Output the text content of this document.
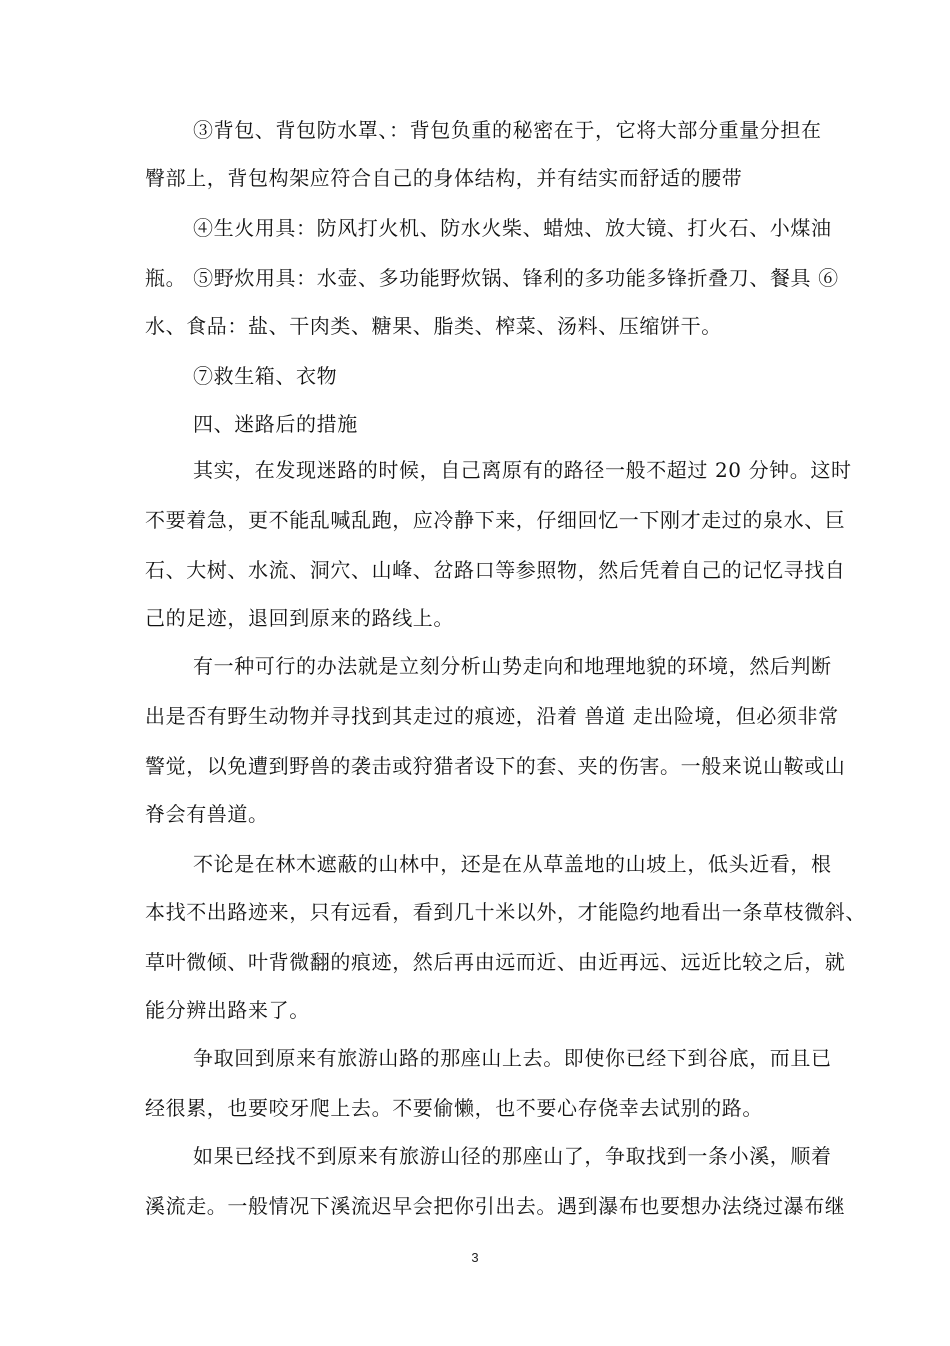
③背包、背包防水罩、：背包负重的秘密在于，它将大部分重量分担在
臀部上，背包构架应符合自己的身体结构，并有结实而舒适的腰带
④生火用具：防风打火机、防水火柴、蜡烛、放大镜、打火石、小煤油
瓶。 ⑤野炊用具：水壶、多功能野炊锅、锋利的多功能多锋折叠刀、餐具 ⑥
水、食品：盐、干肉类、糖果、脂类、榨菜、汤料、压缩饼干。
⑦救生箱、衣物
四、迷路后的措施
其实，在发现迷路的时候，自己离原有的路径一般不超过 20 分钟。这时
不要着急，更不能乱喊乱跑，应冷静下来，仔细回忆一下刚才走过的泉水、巨
石、大树、水流、洞穴、山峰、岔路口等参照物，然后凭着自己的记忆寻找自
己的足迹，退回到原来的路线上。
有一种可行的办法就是立刻分析山势走向和地理地貌的环境，然后判断
出是否有野生动物并寻找到其走过的痕迹，沿着 兽道 走出险境，但必须非常
警觉，以免遭到野兽的袭击或狩猎者设下的套、夹的伤害。一般来说山鞍或山
脊会有兽道。
不论是在林木遮蔽的山林中，还是在从草盖地的山坡上，低头近看，根
本找不出路迹来，只有远看，看到几十米以外，才能隐约地看出一条草枝微斜、
草叶微倾、叶背微翻的痕迹，然后再由远而近、由近再远、远近比较之后，就
能分辨出路来了。
争取回到原来有旅游山路的那座山上去。即使你已经下到谷底，而且已
经很累，也要咬牙爬上去。不要偷懒，也不要心存侥幸去试别的路。
如果已经找不到原来有旅游山径的那座山了，争取找到一条小溪，顺着
溪流走。一般情况下溪流迟早会把你引出去。遇到瀑布也要想办法绕过瀑布继
3
